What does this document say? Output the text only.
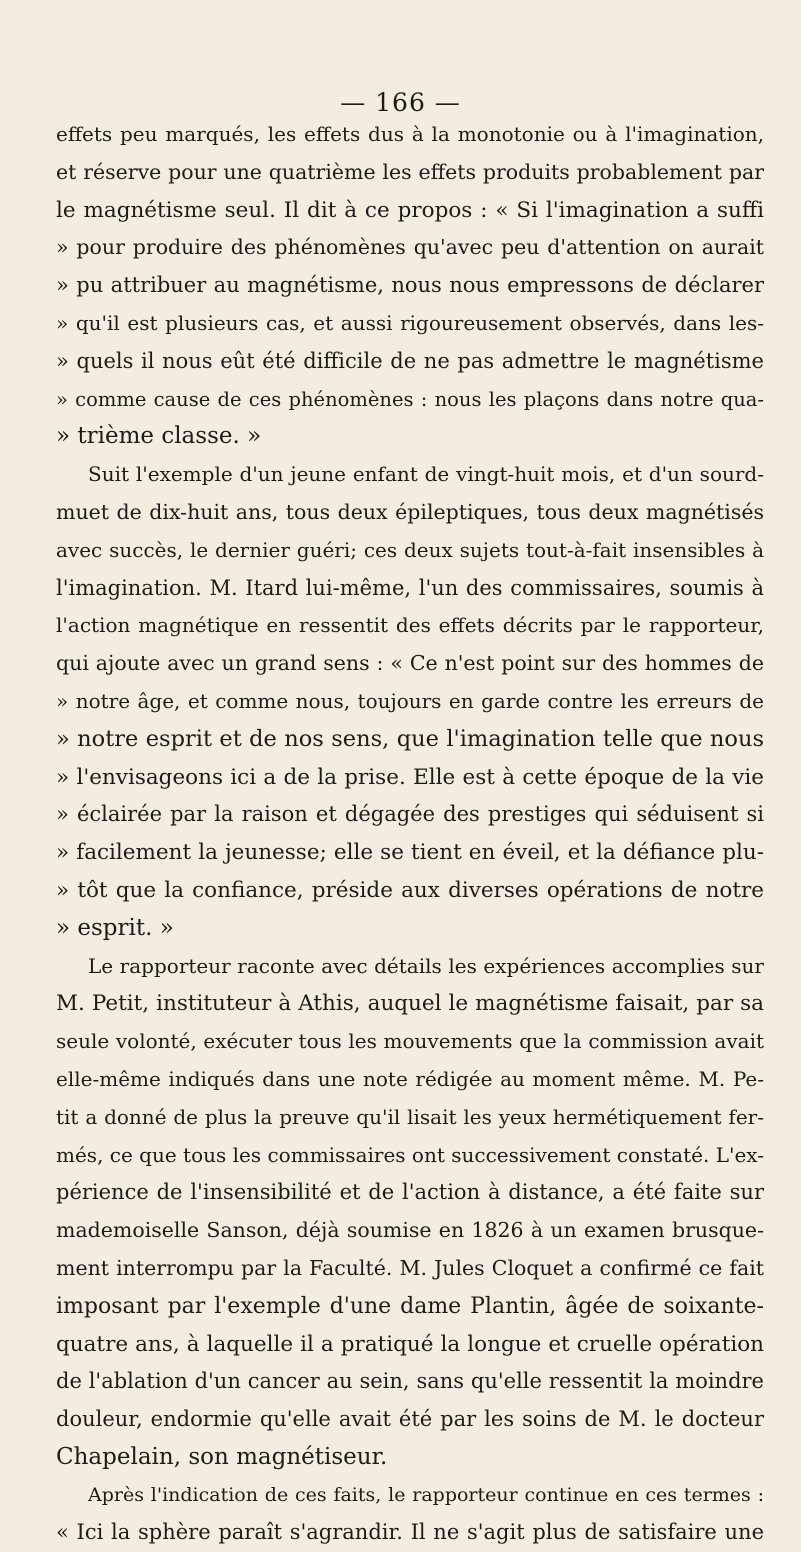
— 166 —
effets peu marqués, les effets dus à la monotonie ou à l'imagination,
et réserve pour une quatrième les effets produits probablement par
le magnétisme seul. Il dit à ce propos : « Si l'imagination a suffi
» pour produire des phénomènes qu'avec peu d'attention on aurait
» pu attribuer au magnétisme, nous nous empressons de déclarer
» qu'il est plusieurs cas, et aussi rigoureusement observés, dans les-
» quels il nous eût été difficile de ne pas admettre le magnétisme
» comme cause de ces phénomènes : nous les plaçons dans notre qua-
» trième classe. »
Suit l'exemple d'un jeune enfant de vingt-huit mois, et d'un sourd-
muet de dix-huit ans, tous deux épileptiques, tous deux magnétisés
avec succès, le dernier guéri; ces deux sujets tout-à-fait insensibles à
l'imagination. M. Itard lui-même, l'un des commissaires, soumis à
l'action magnétique en ressentit des effets décrits par le rapporteur,
qui ajoute avec un grand sens : « Ce n'est point sur des hommes de
» notre âge, et comme nous, toujours en garde contre les erreurs de
» notre esprit et de nos sens, que l'imagination telle que nous
» l'envisageons ici a de la prise. Elle est à cette époque de la vie
» éclairée par la raison et dégagée des prestiges qui séduisent si
» facilement la jeunesse; elle se tient en éveil, et la défiance plu-
» tôt que la confiance, préside aux diverses opérations de notre
» esprit. »
Le rapporteur raconte avec détails les expériences accomplies sur
M. Petit, instituteur à Athis, auquel le magnétisme faisait, par sa
seule volonté, exécuter tous les mouvements que la commission avait
elle-même indiqués dans une note rédigée au moment même. M. Pe-
tit a donné de plus la preuve qu'il lisait les yeux hermétiquement fer-
més, ce que tous les commissaires ont successivement constaté. L'ex-
périence de l'insensibilité et de l'action à distance, a été faite sur
mademoiselle Sanson, déjà soumise en 1826 à un examen brusque-
ment interrompu par la Faculté. M. Jules Cloquet a confirmé ce fait
imposant par l'exemple d'une dame Plantin, âgée de soixante-
quatre ans, à laquelle il a pratiqué la longue et cruelle opération
de l'ablation d'un cancer au sein, sans qu'elle ressentit la moindre
douleur, endormie qu'elle avait été par les soins de M. le docteur
Chapelain, son magnétiseur.
Après l'indication de ces faits, le rapporteur continue en ces termes :
« Ici la sphère paraît s'agrandir. Il ne s'agit plus de satisfaire une
